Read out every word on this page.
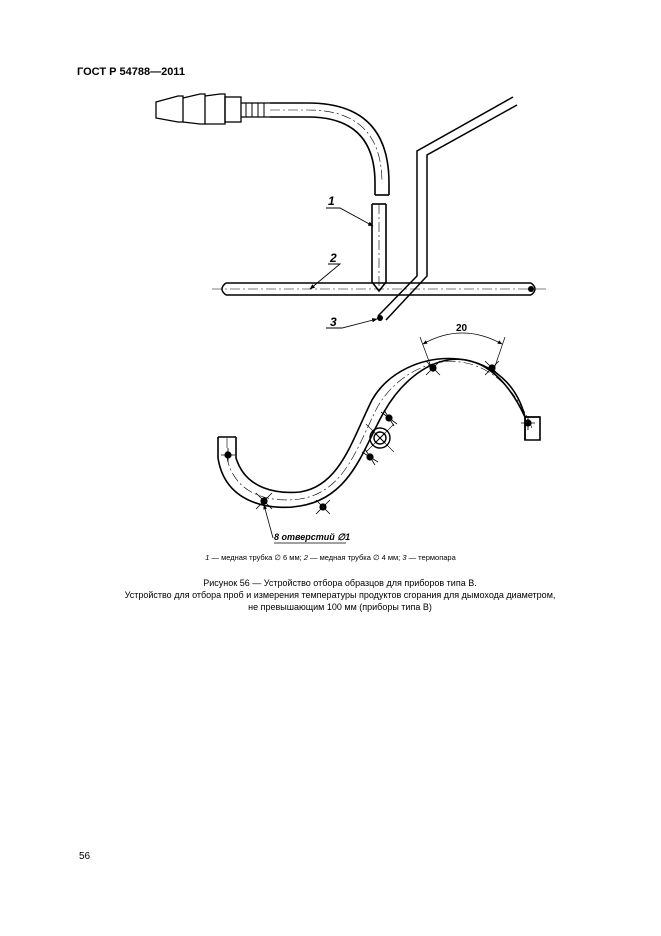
ГОСТ Р 54788—2011
1
2
3	20
8 отверстий ∅1
1 — медная трубка ∅ 6 мм; 2 — медная трубка ∅ 4 мм; 3 — термопара
Рисунок 56 — Устройство отбора образцов для приборов типа В.
Устройство для отбора проб и измерения температуры продуктов сгорания для дымохода диаметром,
не превышающим 100 мм (приборы типа В)
56
